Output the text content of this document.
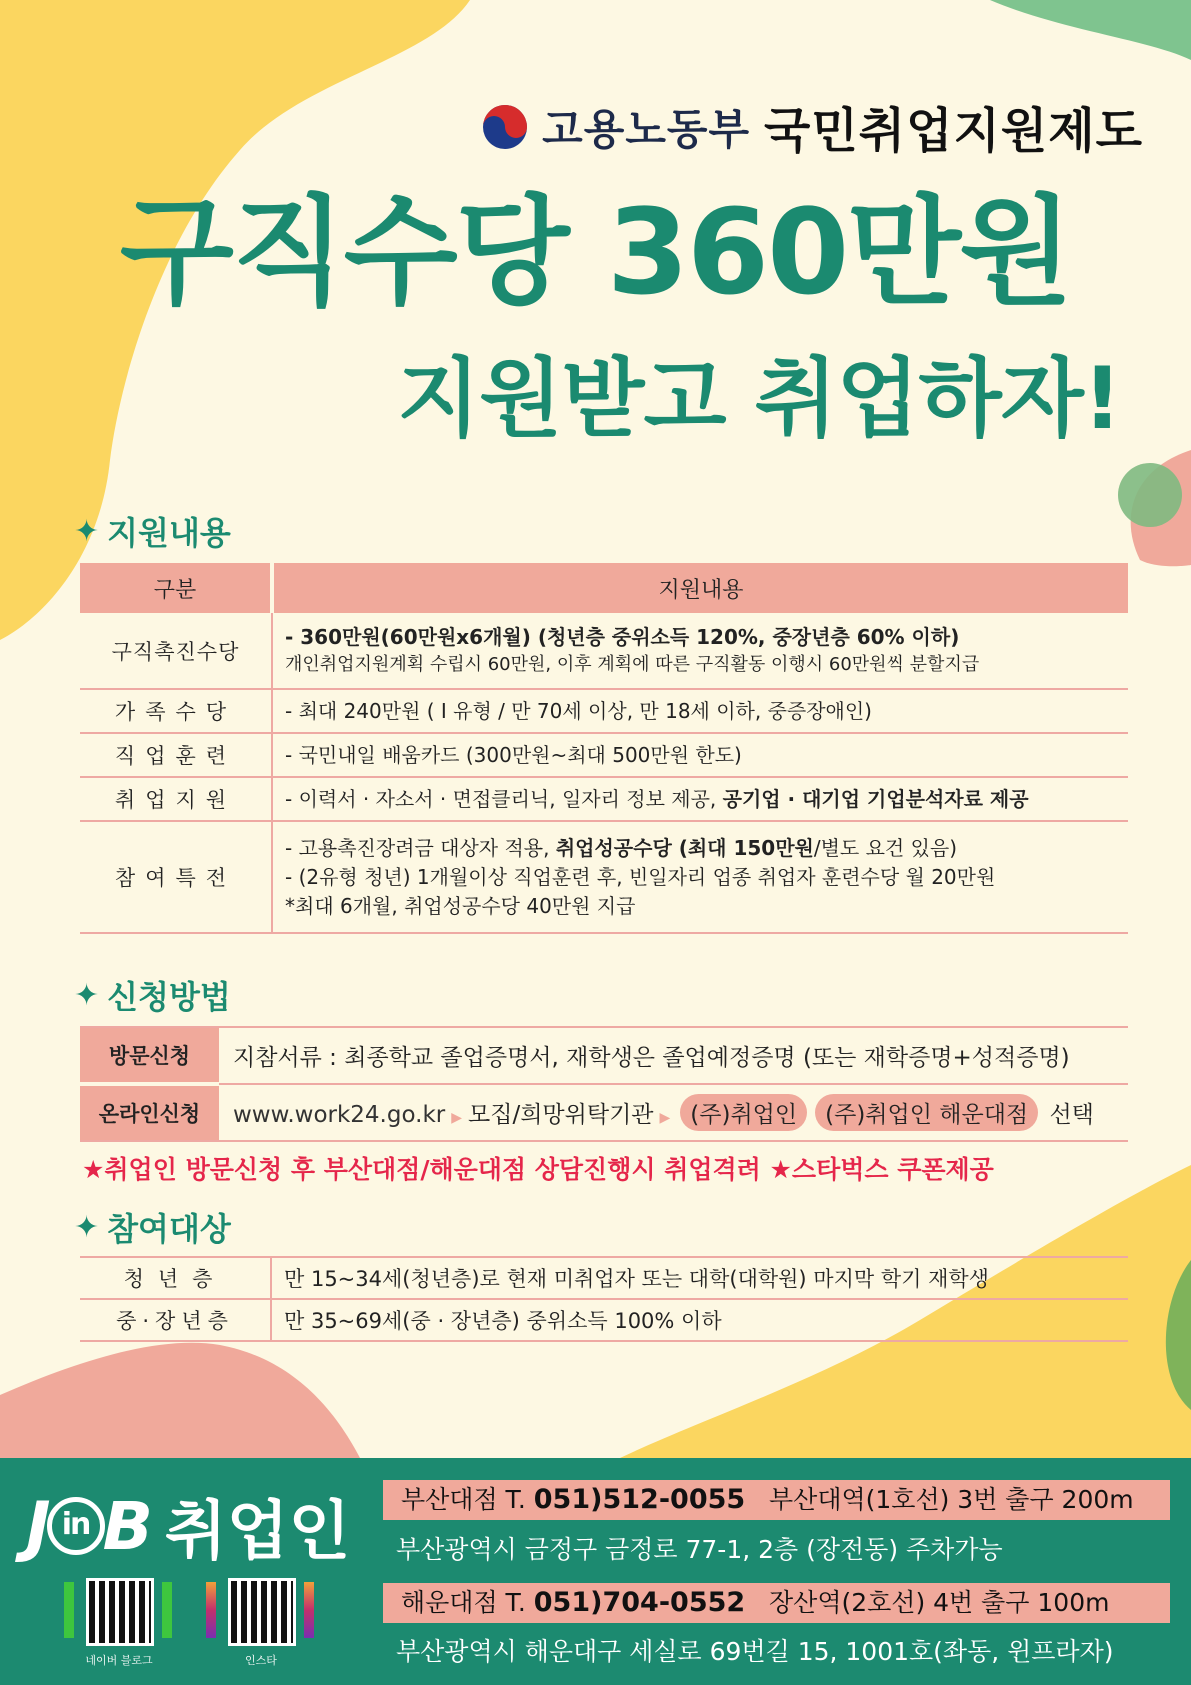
고용노동부 국민취업지원제도
구직수당 360만원
지원받고 취업하자!
✦ 지원내용
구분	지원내용
구직촉진수당	- 360만원(60만원x6개월) (청년층 중위소득 120%, 중장년층 60% 이하)
개인취업지원계획 수립시 60만원, 이후 계획에 따른 구직활동 이행시 60만원씩 분할지급

가족수당	- 최대 240만원 ( Ⅰ 유형 / 만 70세 이상, 만 18세 이하, 중증장애인)
직업훈련	- 국민내일 배움카드 (300만원~최대 500만원 한도)
취업지원	- 이력서 · 자소서 · 면접클리닉, 일자리 정보 제공, 공기업 · 대기업 기업분석자료 제공
참여특전	- 고용촉진장려금 대상자 적용, 취업성공수당 (최대 150만원/별도 요건 있음)
- (2유형 청년) 1개월이상 직업훈련 후, 빈일자리 업종 취업자 훈련수당 월 20만원
*최대 6개월, 취업성공수당 40만원 지급
✦ 신청방법
방문신청	지참서류 : 최종학교 졸업증명서, 재학생은 졸업예정증명 (또는 재학증명+성적증명)
온라인신청	www.work24.go.kr ▶ 모집/희망위탁기관 ▶ (주)취업인 (주)취업인 해운대점 선택
★취업인 방문신청 후 부산대점/해운대점 상담진행시 취업격려 ★스타벅스 쿠폰제공
✦ 참여대상
청년층	만 15~34세(청년층)로 현재 미취업자 또는 대학(대학원) 마지막 학기 재학생
중·장년층	만 35~69세(중 · 장년층) 중위소득 100% 이하
J in B 취업인	부산대점 T. 051)512-0055 부산대역(1호선) 3번 출구 200m
부산광역시 금정구 금정로 77-1, 2층 (장전동) 주차가능
해운대점 T. 051)704-0552 장산역(2호선) 4번 출구 100m
부산광역시 해운대구 세실로 69번길 15, 1001호(좌동, 윈프라자)
네이버 블로그	인스타
